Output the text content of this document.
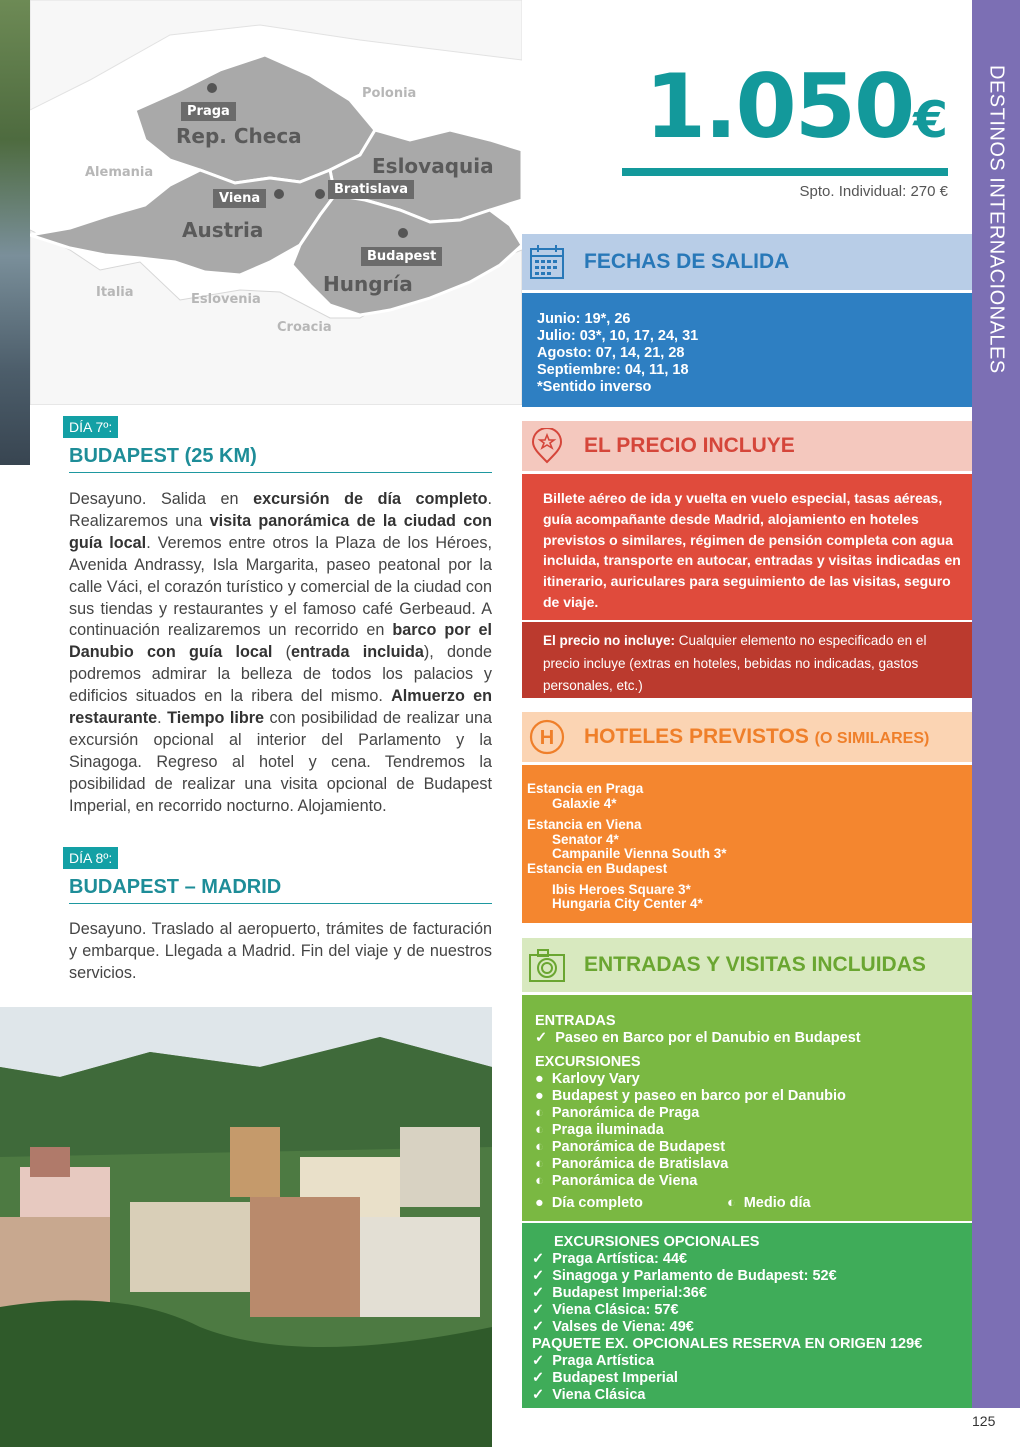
Polonia
Alemania
Italia	Eslovenia
Croacia
Rep. Checa
Eslovaquia
Austria
Hungría
Praga
Viena
Bratislava
Budapest
DÍA 7º:
BUDAPEST (25 KM)
Desayuno. Salida en excursión de día completo. Realizaremos una visita panorámica de la ciudad con guía local. Veremos entre otros la Plaza de los Héroes, Avenida Andrassy, Isla Margarita, paseo peatonal por la calle Váci, el corazón turístico y comercial de la ciudad con sus tiendas y restaurantes y el famoso café Gerbeaud. A continuación realizaremos un recorrido en barco por el Danubio con guía local (entrada incluida), donde podremos admirar la belleza de todos los palacios y edificios situados en la ribera del mismo. Almuerzo en restaurante. Tiempo libre con posibilidad de realizar una excursión opcional al interior del Parlamento y la Sinagoga. Regreso al hotel y cena. Tendremos la posibilidad de realizar una visita opcional de Budapest Imperial, en recorrido nocturno. Alojamiento.
DÍA 8º:
BUDAPEST – MADRID
Desayuno. Traslado al aeropuerto, trámites de facturación y embarque. Llegada a Madrid. Fin del viaje y de nuestros servicios.
1.050€
Spto. Individual: 270 € DESTINOS INTERNACIONALES
125
FECHAS DE SALIDA
Junio: 19*, 26
Julio: 03*, 10, 17, 24, 31
Agosto: 07, 14, 21, 28
Septiembre: 04, 11, 18
*Sentido inverso
EL PRECIO INCLUYE
Billete aéreo de ida y vuelta en vuelo especial, tasas aéreas,
guía acompañante desde Madrid, alojamiento en hoteles
previstos o similares, régimen de pensión completa con agua
incluida, transporte en autocar, entradas y visitas indicadas en
itinerario, auriculares para seguimiento de las visitas, seguro
de viaje.
El precio no incluye: Cualquier elemento no especificado en el
precio incluye (extras en hoteles, bebidas no indicadas, gastos
personales, etc.)
H HOTELES PREVISTOS (O SIMILARES)
Estancia en Praga
Galaxie 4*
Estancia en Viena
Senator 4*
Campanile Vienna South 3*
Estancia en Budapest
Ibis Heroes Square 3*
Hungaria City Center 4*
ENTRADAS Y VISITAS INCLUIDAS
ENTRADAS
✓ Paseo en Barco por el Danubio en Budapest
EXCURSIONES
● Karlovy Vary
● Budapest y paseo en barco por el Danubio
◐ Panorámica de Praga
◐ Praga iluminada
◐ Panorámica de Budapest
◐ Panorámica de Bratislava
◐ Panorámica de Viena
● Día completo	◐ Medio día
EXCURSIONES OPCIONALES
✓ Praga Artística: 44€
✓ Sinagoga y Parlamento de Budapest: 52€
✓ Budapest Imperial:36€
✓ Viena Clásica: 57€
✓ Valses de Viena: 49€
PAQUETE EX. OPCIONALES RESERVA EN ORIGEN 129€
✓ Praga Artística
✓ Budapest Imperial
✓ Viena Clásica
